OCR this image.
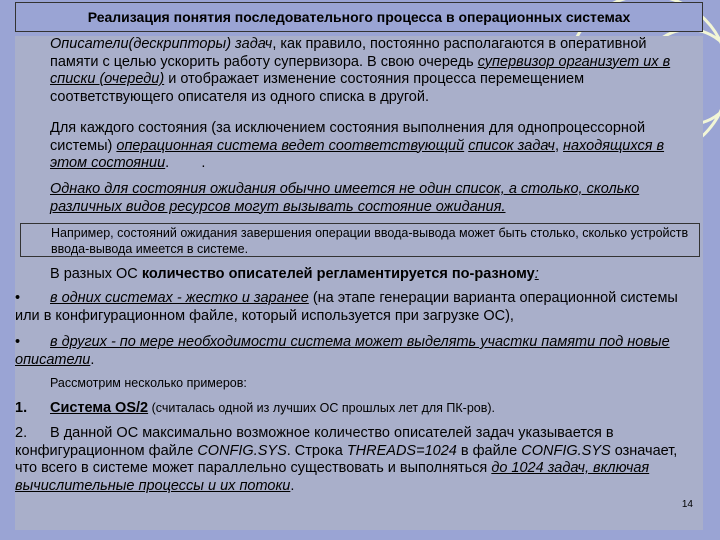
Реализация понятия последовательного процесса в операционных системах

Описатели(дескрипторы) задач, как правило, постоянно располагаются в оперативной памяти с целью ускорить работу супервизора. В свою очередь супервизор организует их в списки (очереди) и отображает изменение состояния процесса перемещением соответствующего описателя из одного списка в другой.

Для каждого состояния (за исключением состояния выполнения для однопроцессорной системы) операционная система ведет соответствующий список задач, находящихся в этом состоянии.        .

Однако для состояния ожидания обычно имеется не один список, а столько, сколько различных видов ресурсов могут вызывать состояние ожидания.

Например, состояний ожидания завершения операции ввода-вывода может быть столько, сколько устройств ввода-вывода имеется в системе.

В разных ОС количество описателей регламентируется по-разному:

• в одних системах - жестко и заранее (на этапе генерации варианта операционной системы или в конфигурационном файле, который используется при загрузке ОС),

• в других - по мере необходимости система может выделять участки памяти под новые описатели.

Рассмотрим несколько примеров:

1. Система OS/2 (считалась одной из лучших ОС прошлых лет для ПК-ров).

2. В данной ОС максимально возможное количество описателей задач указывается в конфигурационном файле CONFIG.SYS. Строка THREADS=1024 в файле CONFIG.SYS означает, что всего в системе может параллельно существовать и выполняться до 1024 задач, включая вычислительные процессы и их потоки.

14
